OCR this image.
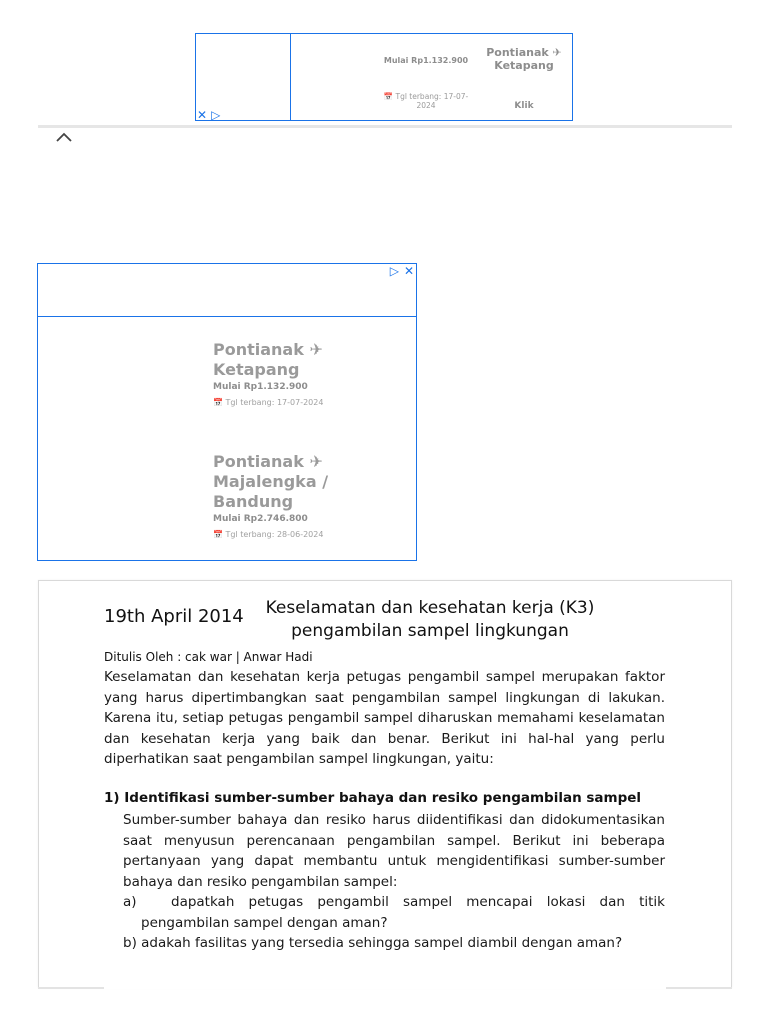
Mulai Rp1.132.900
Pontianak ✈ Ketapang
📅 Tgl terbang: 17-07-2024	Klik
✕ ▷
▷ ✕
Pontianak ✈ Ketapang
Mulai Rp1.132.900
📅 Tgl terbang: 17-07-2024
Pontianak ✈ Majalengka / Bandung
Mulai Rp2.746.800
📅 Tgl terbang: 28-06-2024
19th April 2014	Keselamatan dan kesehatan kerja (K3) pengambilan sampel lingkungan
Ditulis Oleh : cak war | Anwar Hadi

Keselamatan dan kesehatan kerja petugas pengambil sampel merupakan faktor yang harus dipertimbangkan saat pengambilan sampel lingkungan di lakukan. Karena itu, setiap petugas pengambil sampel diharuskan memahami keselamatan dan kesehatan kerja yang baik dan benar. Berikut ini hal-hal yang perlu diperhatikan saat pengambilan sampel lingkungan, yaitu:

1) Identifikasi sumber-sumber bahaya dan resiko pengambilan sampel
Sumber-sumber bahaya dan resiko harus diidentifikasi dan didokumentasikan saat menyusun perencanaan pengambilan sampel. Berikut ini beberapa pertanyaan yang dapat membantu untuk mengidentifikasi sumber-sumber bahaya dan resiko pengambilan sampel:
a)	dapatkah petugas pengambil sampel mencapai lokasi dan titik
pengambilan sampel dengan aman?
b) adakah fasilitas yang tersedia sehingga sampel diambil dengan aman?
